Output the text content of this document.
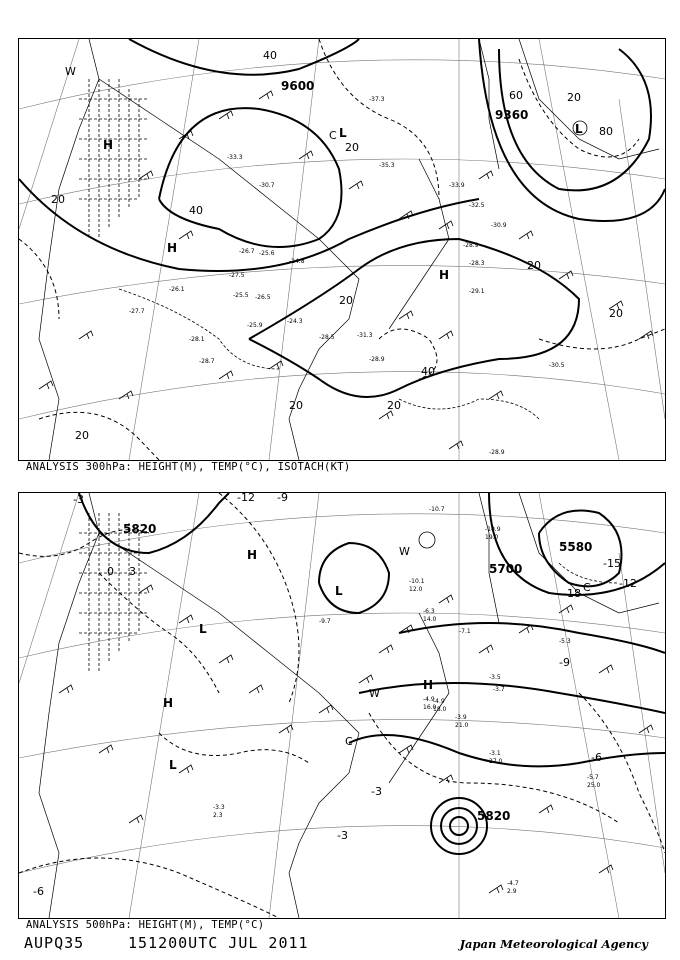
9600
9360
40
20
40
20
20
20
20
40
20
20
20
20
80
60
H
H
H
L	L
W
C
-37.3
-35.3
-33.9
-32.5
-30.9
-28.9
-28.3
-29.1
-26.1
-25.5
-25.9
-24.3
-26.5
-28.5	-31.3
-28.9
-30.5
-27.7
-28.1
-28.7
-27.5
-26.7 -25.6
-24.8
-33.3
-30.7
-28.9
ANALYSIS 300hPa: HEIGHT(M), TEMP(°C), ISOTACH(KT)
5820
5700
5580
5820
-3	-12 -9
-15
-18
-12
-9
-6
-3
-6
-3
0 3
H
H
L
L
L
W
W
C
C
H
-10.7
-10.9
19.0
-10.1
12.0
-9.7
-5.3
-7.1
-3.5
-3.7
-4.9
16.0
-3.9
21.0
-3.1
27.0
-5.7
25.0
-4.7
2.9
-3.3
2.3
-4.9
18.0
-6.3
14.0
ANALYSIS 500hPa: HEIGHT(M), TEMP(°C)
AUPQ35	151200UTC JUL 2011	Japan Meteorological Agency
